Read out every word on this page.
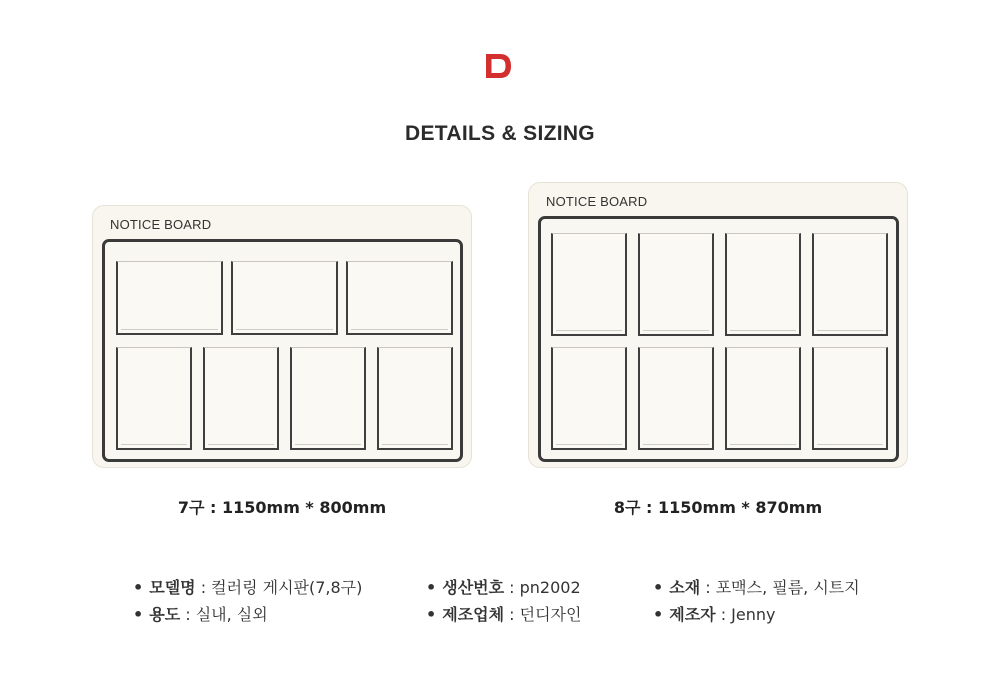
DETAILS & SIZING
NOTICE BOARD
7구 : 1150mm * 800mm
NOTICE BOARD
8구 : 1150mm * 870mm
• 모델명 : 컬러링 게시판(7,8구)	• 생산번호 : pn2002	• 소재 : 포맥스, 필름, 시트지
• 용도 : 실내, 실외	• 제조업체 : 던디자인	• 제조자 : Jenny
